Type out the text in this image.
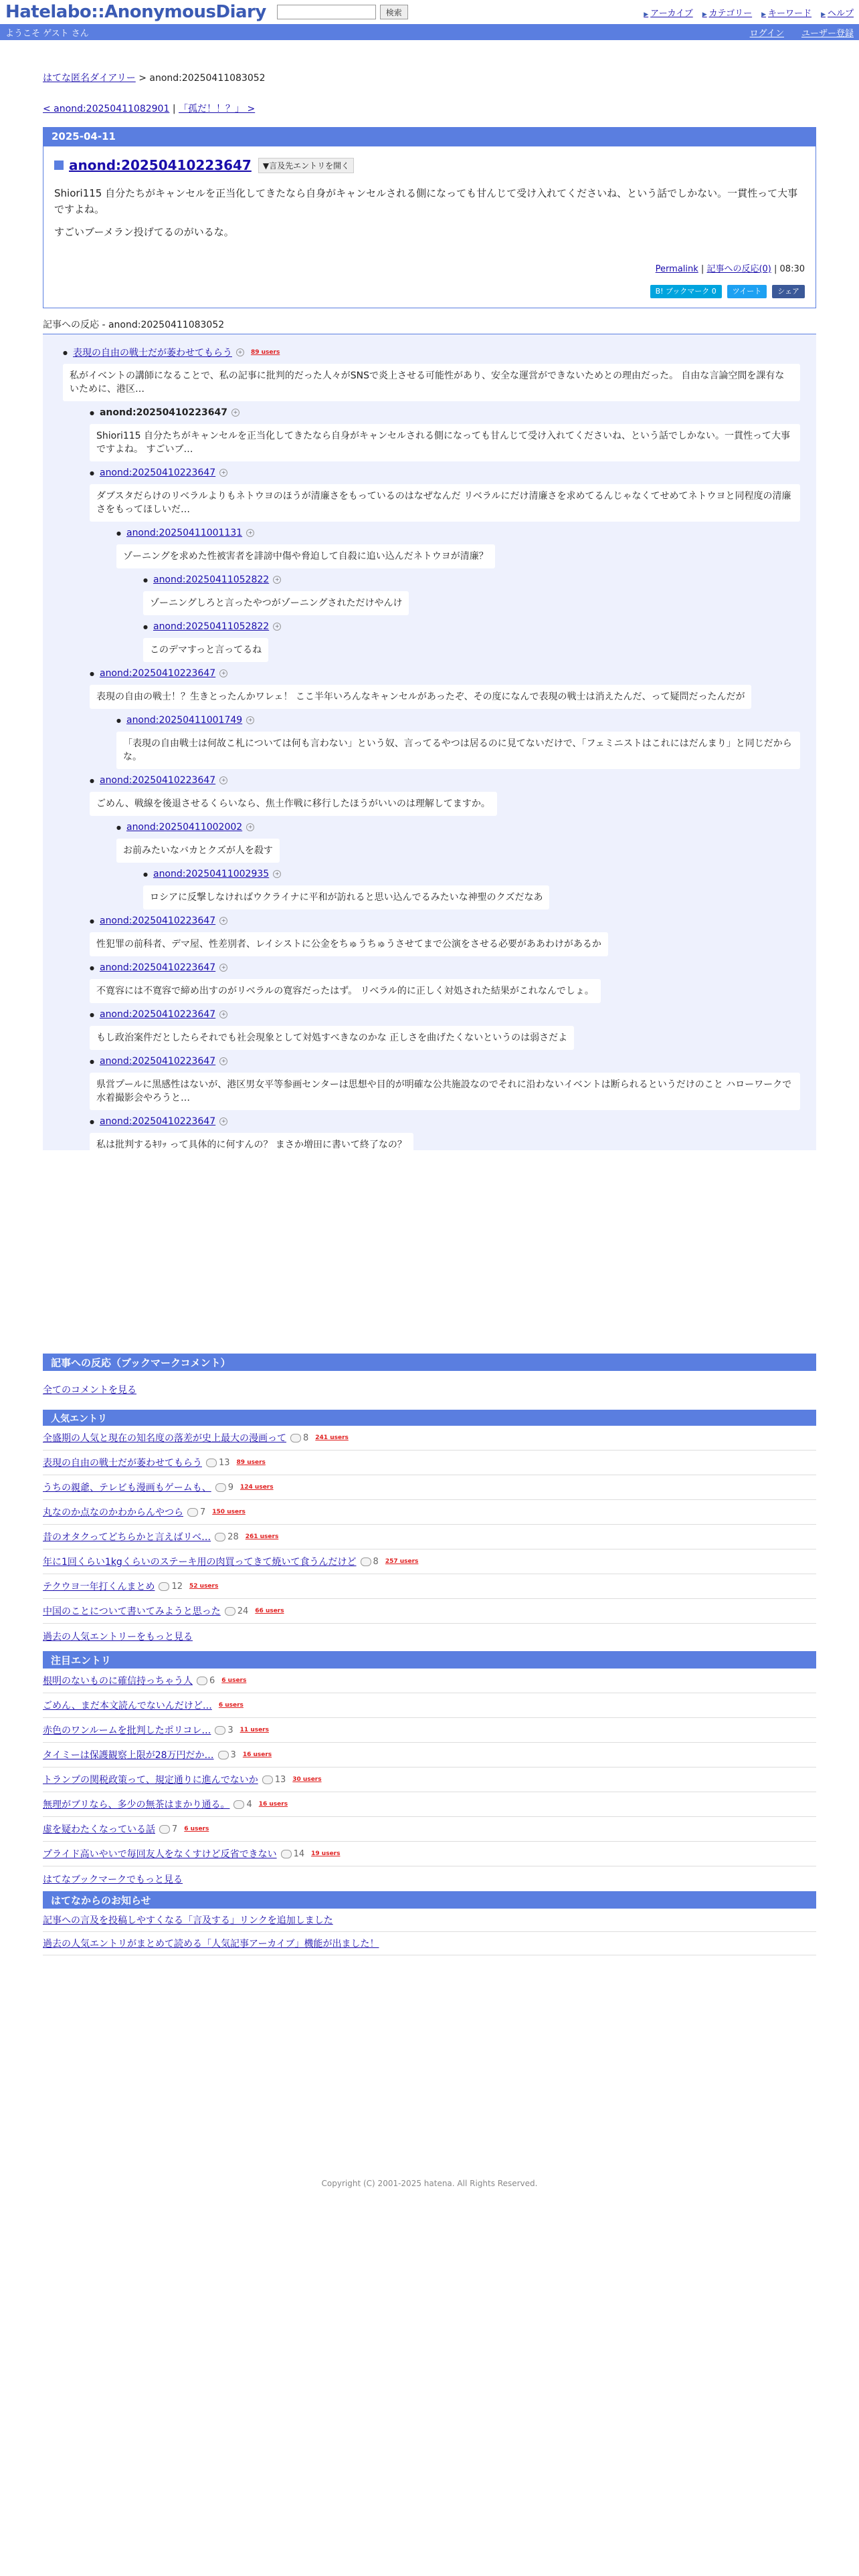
Hatelabo::AnonymousDiary	検索	▶ アーカイブ	▶ カテゴリー	▶ キーワード	▶ ヘルプ
ようこそ ゲスト さん	ログイン ユーザー登録
はてな匿名ダイアリー > anond:20250411083052
< anond:20250411082901 | 「孤だ！！？」 >
2025-04-11
anond:20250410223647	▼言及先エントリを開く

Shiori115 自分たちがキャンセルを正当化してきたなら自身がキャンセルされる側になっても甘んじて受け入れてくださいね、という話でしかない。一貫性って大事ですよね。

すごいブーメラン投げてるのがいるな。

Permalink | 記事への反応(0) | 08:30
B! ブックマーク 0	ツイート	シェア
記事への反応 - anond:20250411083052
● 表現の自由の戦士だが萎わせてもらう	+ 89 users
私がイベントの講師になることで、私の記事に批判的だった人々がSNSで炎上させる可能性があり、安全な運営ができないためとの理由だった。 自由な言論空間を課有ないために、港区…
● anond:20250410223647	+
Shiori115 自分たちがキャンセルを正当化してきたなら自身がキャンセルされる側になっても甘んじて受け入れてくださいね、という話でしかない。一貫性って大事ですよね。 すごいブ…
● anond:20250410223647	+
ダブスタだらけのリベラルよりもネトウヨのほうが清廉さをもっているのはなぜなんだ リベラルにだけ清廉さを求めてるんじゃなくてせめてネトウヨと同程度の清廉さをもってほしいだ…
● anond:20250411001131	+
ゾーニングを求めた性被害者を誹謗中傷や脅迫して自殺に追い込んだネトウヨが清廉？
● anond:20250411052822	+
ゾーニングしろと言ったやつがゾーニングされただけやんけ
● anond:20250411052822	+
このデマすっと言ってるね
● anond:20250410223647	+
表現の自由の戦士！？生きとったんかワレェ！ ここ半年いろんなキャンセルがあったぞ、その度になんで表現の戦士は消えたんだ、って疑問だったんだが
● anond:20250411001749	+
「表現の自由戦士は何故こ札については何も言わない」という奴、言ってるやつは居るのに見てないだけで、「フェミニストはこれにはだんまり」と同じだからな。
● anond:20250410223647	+
ごめん、戦線を後退させるくらいなら、焦土作戦に移行したほうがいいのは理解してますか。
● anond:20250411002002	+
お前みたいなバカとクズが人を殺す
● anond:20250411002935	+
ロシアに反撃しなければウクライナに平和が訪れると思い込んでるみたいな神聖のクズだなあ
● anond:20250410223647	+
性犯罪の前科者、デマ屋、性差別者、レイシストに公金をちゅうちゅうさせてまで公演をさせる必要がああわけがあるか
● anond:20250410223647	+
不寛容には不寛容で締め出すのがリベラルの寛容だったはず。 リベラル的に正しく対処された結果がこれなんでしょ。
● anond:20250410223647	+
もし政治案件だとしたらそれでも社会現象として対処すべきなのかな 正しさを曲げたくないというのは弱さだよ
● anond:20250410223647	+
県営プールに黒感性はないが、港区男女平等参画センターは思想や目的が明確な公共施設なのでそれに沿わないイベントは断られるというだけのこと ハローワークで水着撮影会やろうと…
● anond:20250410223647	+
私は批判するｷﾘｯ って具体的に何すんの？ まさか増田に書いて終了なの？
記事への反応（ブックマークコメント）
全てのコメントを見る
人気エントリ
全盛期の人気と現在の知名度の落差が史上最大の漫画って	8 241 users
表現の自由の戦士だが萎わせてもらう	13 89 users
うちの親爺、テレビも漫画もゲームも、	9 124 users
丸なのか点なのかわからんやつら	7 150 users
昔のオタクってどちらかと言えばリベ…	28 261 users
年に1回くらい1kgくらいのステーキ用の肉買ってきて焼いて食うんだけど	8 257 users
テクウヨ一年打くんまとめ	12 52 users
中国のことについて書いてみようと思った	24 66 users
過去の人気エントリーをもっと見る
注目エントリ
根明のないものに確信持っちゃう人	6 6 users
ごめん、まだ本文読んでないんだけど… 6 users
赤色のワンルームを批判したポリコレ…	3 11 users
タイミーは保護観察上限が28万円だか…	3 16 users
トランプの関税政策って、規定通りに進んでないか	13 30 users
無理がブリなら、多少の無茶はまかり通る。	4 16 users
虚を疑わたくなっている話	7 6 users
プライド高いやいで毎回友人をなくすけど反省できない	14 19 users
はてなブックマークでもっと見る
はてなからのお知らせ
記事への言及を投稿しやすくなる「言及する」リンクを追加しました
過去の人気エントリがまとめて読める「人気記事アーカイブ」機能が出ました！
Copyright (C) 2001-2025 hatena. All Rights Reserved.
